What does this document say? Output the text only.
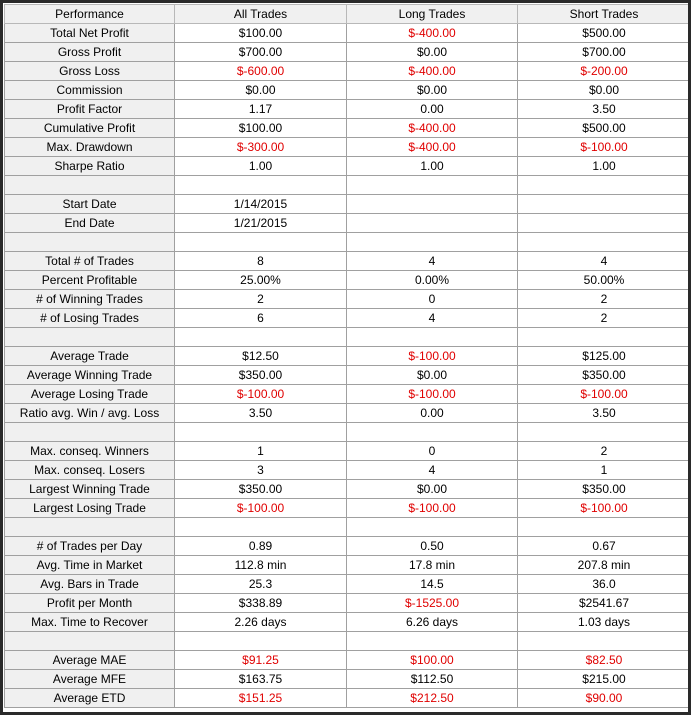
Performance	All Trades	Long Trades	Short Trades
Total Net Profit	$100.00	$-400.00	$500.00
Gross Profit	$700.00	$0.00	$700.00
Gross Loss	$-600.00	$-400.00	$-200.00
Commission	$0.00	$0.00	$0.00
Profit Factor	1.17	0.00	3.50
Cumulative Profit	$100.00	$-400.00	$500.00
Max. Drawdown	$-300.00	$-400.00	$-100.00
Sharpe Ratio	1.00	1.00	1.00

Start Date	1/14/2015		
End Date	1/21/2015		

Total # of Trades	8	4	4
Percent Profitable	25.00%	0.00%	50.00%
# of Winning Trades	2	0	2
# of Losing Trades	6	4	2

Average Trade	$12.50	$-100.00	$125.00
Average Winning Trade	$350.00	$0.00	$350.00
Average Losing Trade	$-100.00	$-100.00	$-100.00
Ratio avg. Win / avg. Loss	3.50	0.00	3.50

Max. conseq. Winners	1	0	2
Max. conseq. Losers	3	4	1
Largest Winning Trade	$350.00	$0.00	$350.00
Largest Losing Trade	$-100.00	$-100.00	$-100.00

# of Trades per Day	0.89	0.50	0.67
Avg. Time in Market	112.8 min	17.8 min	207.8 min
Avg. Bars in Trade	25.3	14.5	36.0
Profit per Month	$338.89	$-1525.00	$2541.67
Max. Time to Recover	2.26 days	6.26 days	1.03 days

Average MAE	$91.25	$100.00	$82.50
Average MFE	$163.75	$112.50	$215.00
Average ETD	$151.25	$212.50	$90.00
